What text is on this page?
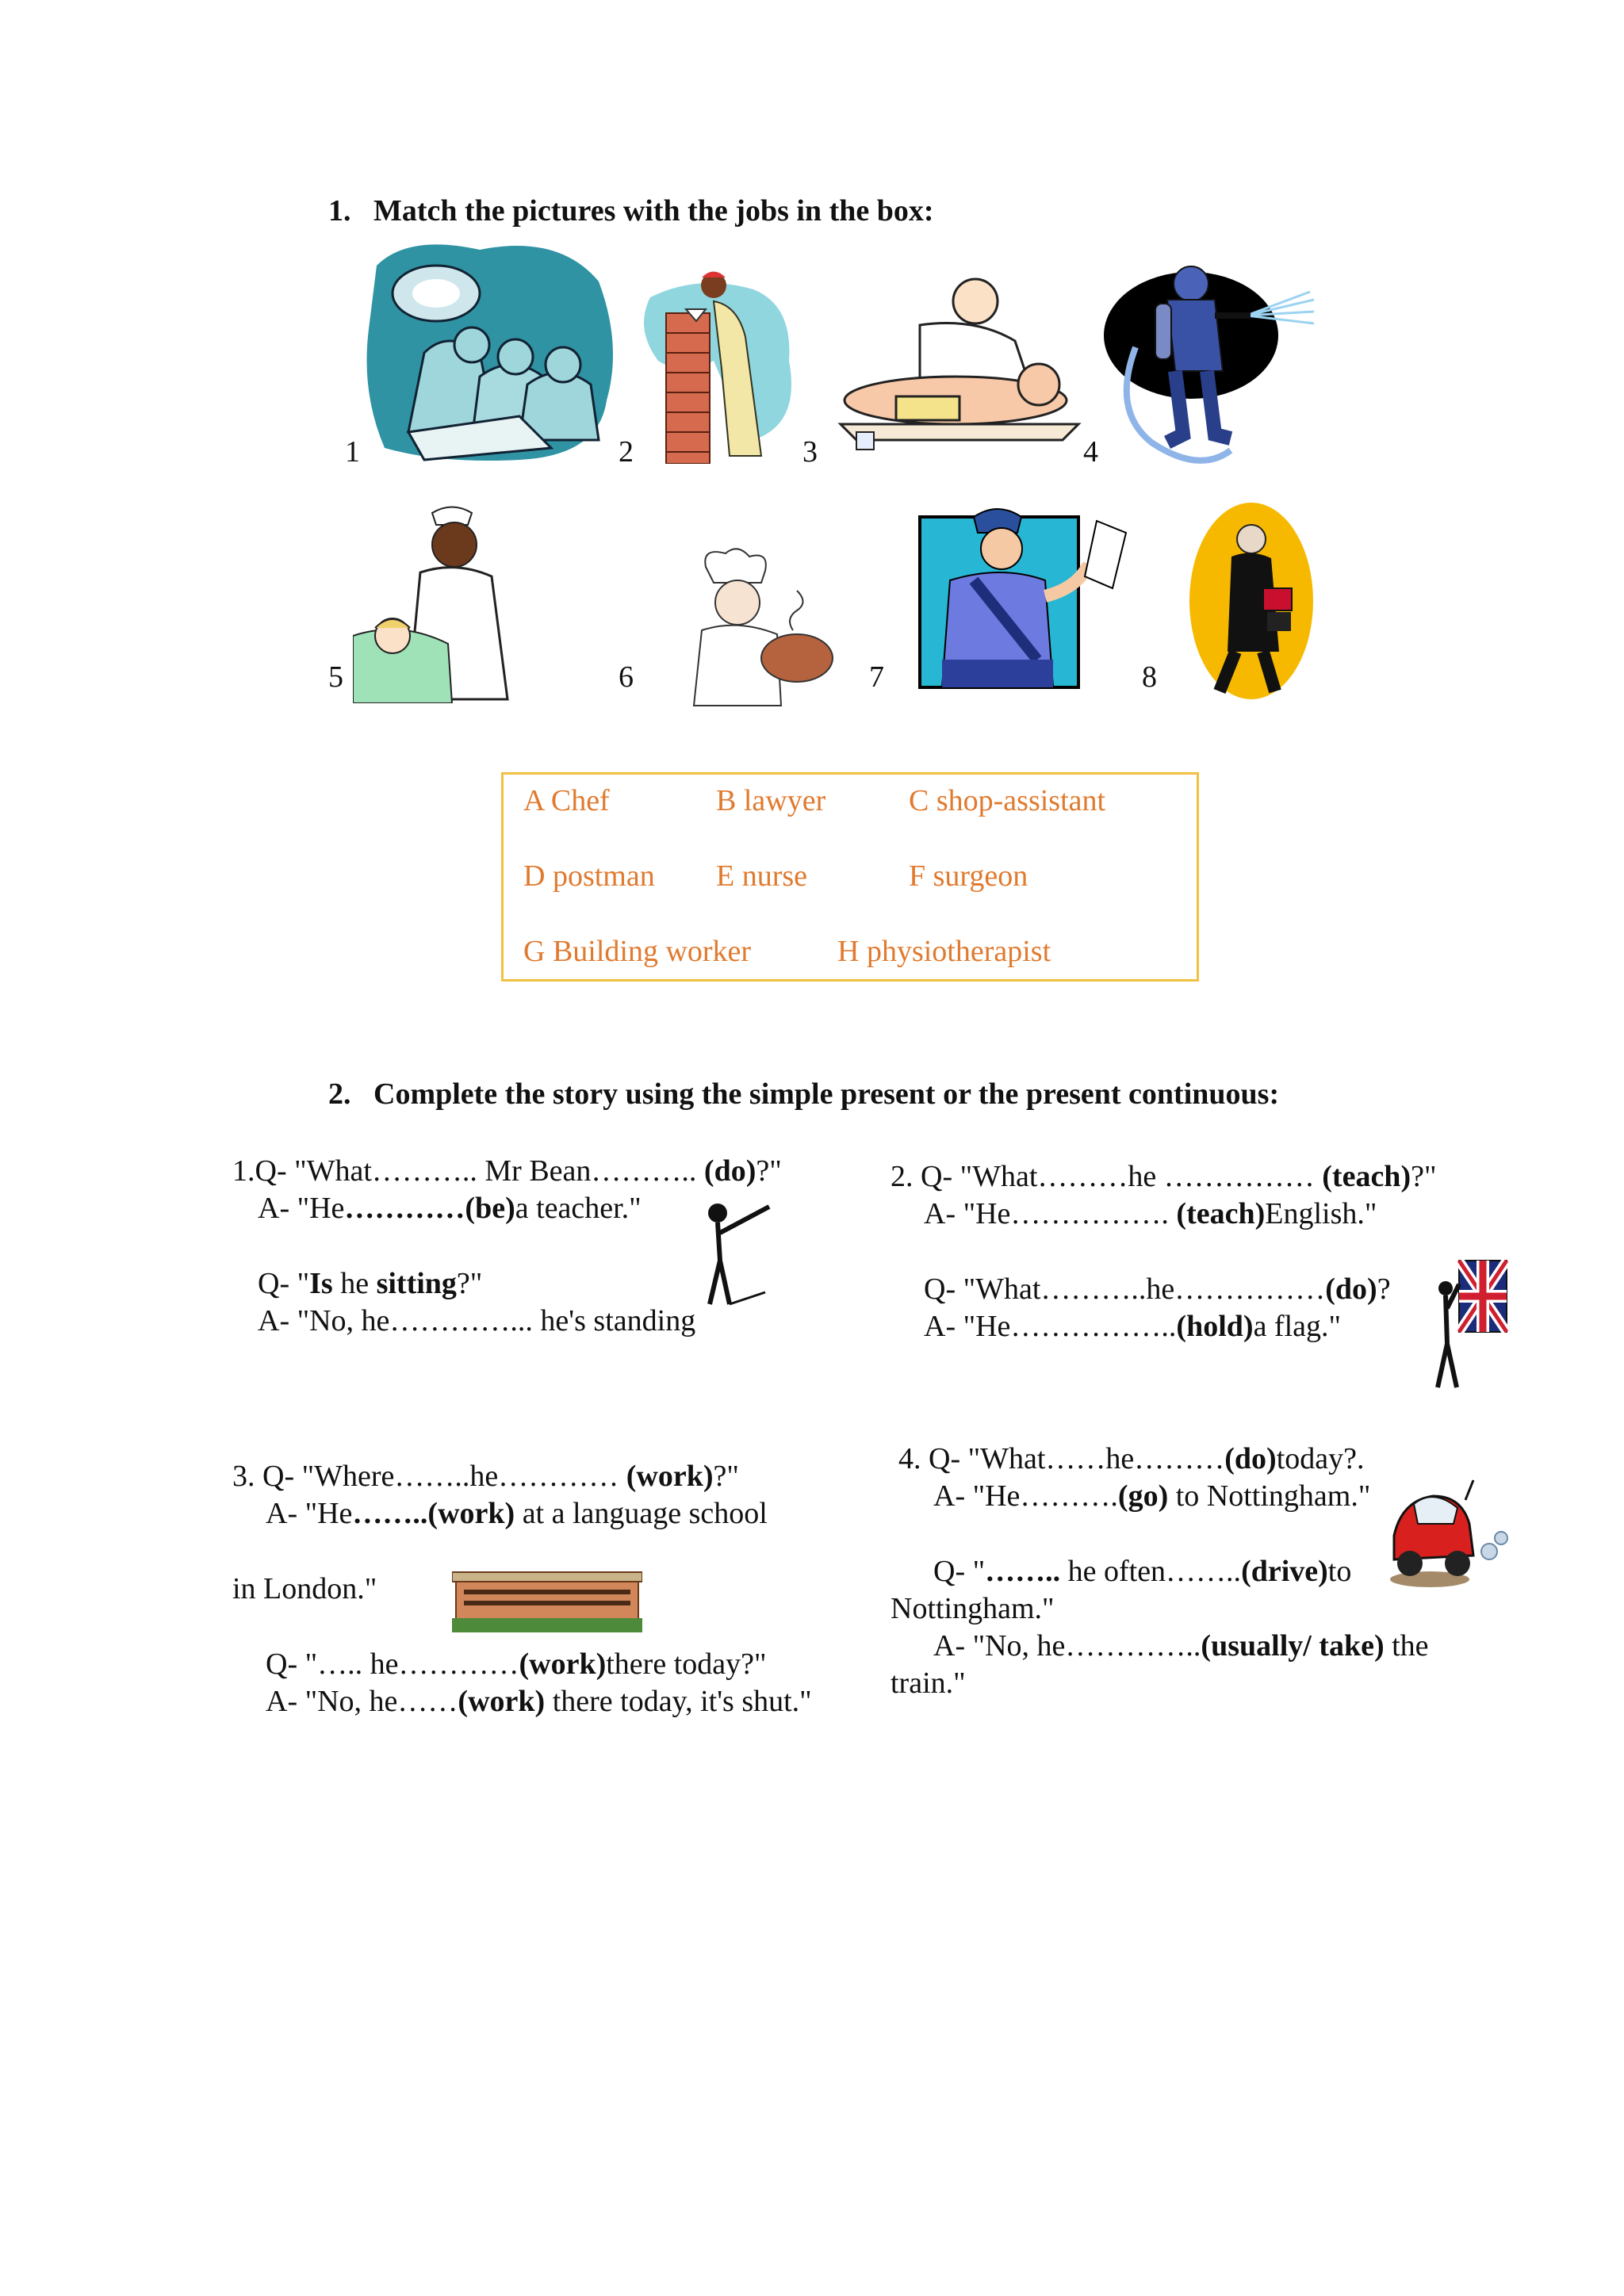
1. Match the pictures with the jobs in the box:
1	2	3	4
5	6	7	8
A Chef	B lawyer	C shop-assistant
D postman E nurse	F surgeon
G Building worker	H physiotherapist
2. Complete the story using the simple present or the present continuous:
1.Q- "What……….. Mr Bean……….. (do)?"
A- "He…………(be)a teacher."
Q- "Is he sitting?"
A- "No, he…………... he's standing
2. Q- "What………he …………… (teach)?"
A- "He……………. (teach)English."
Q- "What………..he……………(do)?
A- "He……………..(hold)a flag."
3. Q- "Where……..he………… (work)?"
A- "He……..(work) at a language school
in London."
Q- "….. he…………(work)there today?"
A- "No, he……(work) there today, it's shut."
4. Q- "What……he………(do)today?.
A- "He……….(go) to Nottingham."
Q- "…….. he often……..(drive)to
Nottingham."
A- "No, he…………..(usually/ take) the
train."
